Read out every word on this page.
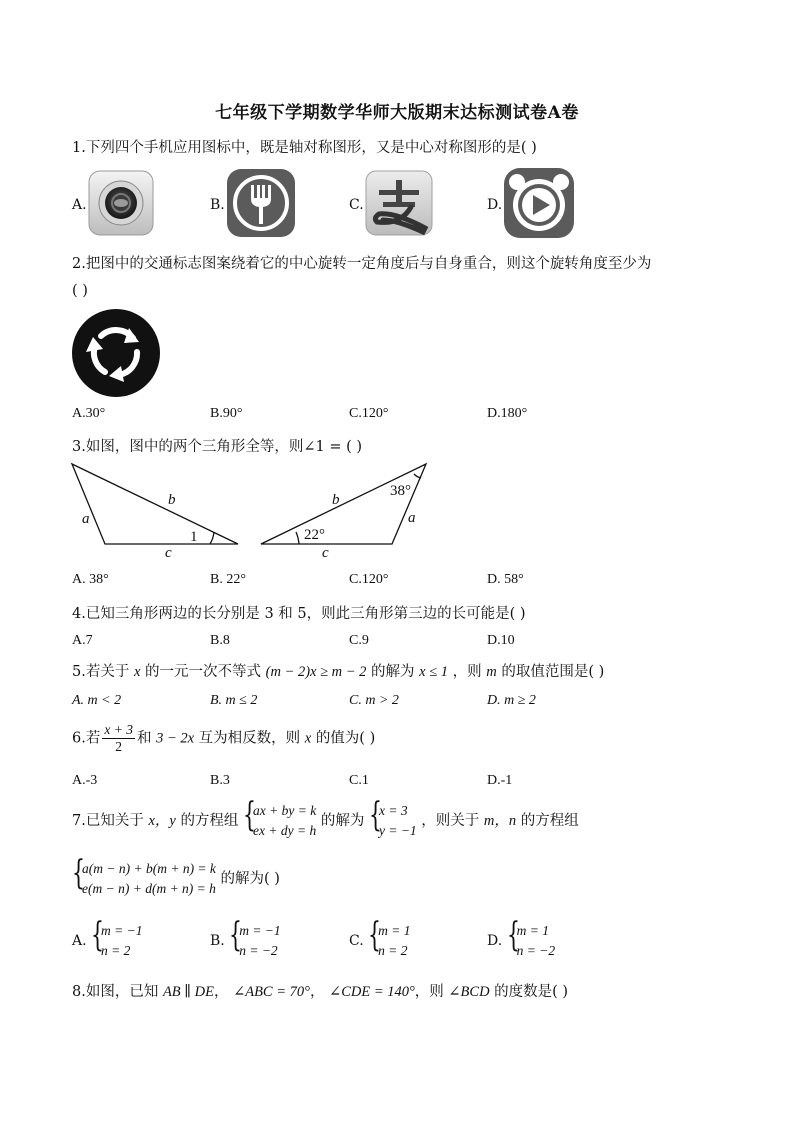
七年级下学期数学华师大版期末达标测试卷A卷
1.下列四个手机应用图标中，既是轴对称图形，又是中心对称图形的是( )
A.	B.	C.	D.
2.把图中的交通标志图案绕着它的中心旋转一定角度后与自身重合，则这个旋转角度至少为
( )
A.30°	B.90°	C.120°	D.180°
3.如图，图中的两个三角形全等，则∠1 = ( )
a
b
c
1
b
a
c
22°
38°
A. 38°	B. 22°	C.120°	D. 58°
4.已知三角形两边的长分别是 3 和 5，则此三角形第三边的长可能是( )
A.7	B.8	C.9	D.10
5.若关于 x 的一元一次不等式 (m − 2)x ≥ m − 2 的解为 x ≤ 1 ，则 m 的取值范围是( )
A. m < 2	B. m ≤ 2	C. m > 2	D. m ≥ 2
6.若 $\frac{x + 3}{2}$ 和 3 − 2x 互为相反数，则 x 的值为( )
A.-3	B.3	C.1	D.-1
7.已知关于 x，y 的方程组 {
ax + by = k
ex + dy = h
的解为 {
x = 3
y = −1
，则关于 m，n 的方程组
{
a(m − n) + b(m + n) = k
e(m − n) + d(m + n) = h
的解为( )
A. {
m = −1
n = 2
B. {
m = −1
n = −2
C. {
m = 1
n = 2
D. {
m = 1
n = −2
8.如图，已知 AB ∥ DE， ∠ABC = 70°， ∠CDE = 140°，则 ∠BCD 的度数是( )
